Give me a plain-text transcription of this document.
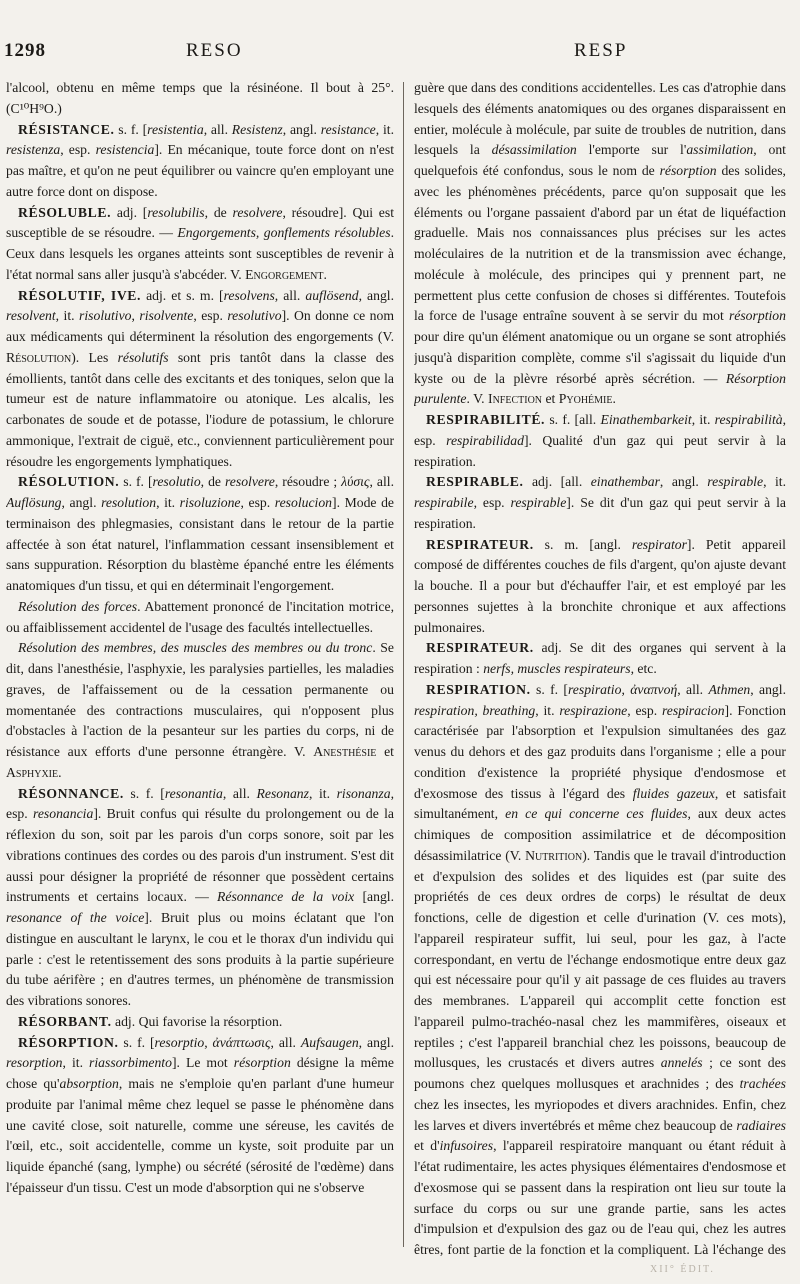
1298	RESO	RESP

l'alcool, obtenu en même temps que la résinéone. Il bout à 25°. (C¹⁰H⁹O.)

RÉSISTANCE. s. f. [resistentia, all. Resistenz, angl. resistance, it. resistenza, esp. resistencia]. En mécanique, toute force dont on n'est pas maître, et qu'on ne peut équilibrer ou vaincre qu'en employant une autre force dont on dispose.

RÉSOLUBLE. adj. [resolubilis, de resolvere, résoudre]. Qui est susceptible de se résoudre. — Engorgements, gonflements résolubles. Ceux dans lesquels les organes atteints sont susceptibles de revenir à l'état normal sans aller jusqu'à s'abcéder. V. Engorgement.

RÉSOLUTIF, IVE. adj. et s. m. [resolvens, all. auflösend, angl. resolvent, it. risolutivo, risolvente, esp. resolutivo]. On donne ce nom aux médicaments qui déterminent la résolution des engorgements (V. Résolution). Les résolutifs sont pris tantôt dans la classe des émollients, tantôt dans celle des excitants et des toniques, selon que la tumeur est de nature inflammatoire ou atonique. Les alcalis, les carbonates de soude et de potasse, l'iodure de potassium, le chlorure ammonique, l'extrait de ciguë, etc., conviennent particulièrement pour résoudre les engorgements lymphatiques.

RÉSOLUTION. s. f. [resolutio, de resolvere, résoudre ; λύσις, all. Auflösung, angl. resolution, it. risoluzione, esp. resolucion]. Mode de terminaison des phlegmasies, consistant dans le retour de la partie affectée à son état naturel, l'inflammation cessant insensiblement et sans suppuration. Résorption du blastème épanché entre les éléments anatomiques d'un tissu, et qui en déterminait l'engorgement.

Résolution des forces. Abattement prononcé de l'incitation motrice, ou affaiblissement accidentel de l'usage des facultés intellectuelles.

Résolution des membres, des muscles des membres ou du tronc. Se dit, dans l'anesthésie, l'asphyxie, les paralysies partielles, les maladies graves, de l'affaissement ou de la cessation permanente ou momentanée des contractions musculaires, qui n'opposent plus d'obstacles à l'action de la pesanteur sur les parties du corps, ni de résistance aux efforts d'une personne étrangère. V. Anesthésie et Asphyxie.

RÉSONNANCE. s. f. [resonantia, all. Resonanz, it. risonanza, esp. resonancia]. Bruit confus qui résulte du prolongement ou de la réflexion du son, soit par les parois d'un corps sonore, soit par les vibrations continues des cordes ou des parois d'un instrument. S'est dit aussi pour désigner la propriété de résonner que possèdent certains instruments et certains locaux. — Résonnance de la voix [angl. resonance of the voice]. Bruit plus ou moins éclatant que l'on distingue en auscultant le larynx, le cou et le thorax d'un individu qui parle : c'est le retentissement des sons produits à la partie supérieure du tube aérifère ; en d'autres termes, un phénomène de transmission des vibrations sonores.

RÉSORBANT. adj. Qui favorise la résorption.

RÉSORPTION. s. f. [resorptio, ἀνάπτωσις, all. Aufsaugen, angl. resorption, it. riassorbimento]. Le mot résorption désigne la même chose qu'absorption, mais ne s'emploie qu'en parlant d'une humeur produite par l'animal même chez lequel se passe le phénomène dans une cavité close, soit naturelle, comme une séreuse, les cavités de l'œil, etc., soit accidentelle, comme un kyste, soit produite par un liquide épanché (sang, lymphe) ou sécrété (sérosité de l'œdème) dans l'épaisseur d'un tissu. C'est un mode d'absorption qui ne s'observe

guère que dans des conditions accidentelles. Les cas d'atrophie dans lesquels des éléments anatomiques ou des organes disparaissent en entier, molécule à molécule, par suite de troubles de nutrition, dans lesquels la désassimilation l'emporte sur l'assimilation, ont quelquefois été confondus, sous le nom de résorption des solides, avec les phénomènes précédents, parce qu'on supposait que les éléments ou l'organe passaient d'abord par un état de liquéfaction graduelle. Mais nos connaissances plus précises sur les actes moléculaires de la nutrition et de la transmission avec échange, molécule à molécule, des principes qui y prennent part, ne permettent plus cette confusion de choses si différentes. Toutefois la force de l'usage entraîne souvent à se servir du mot résorption pour dire qu'un élément anatomique ou un organe se sont atrophiés jusqu'à disparition complète, comme s'il s'agissait du liquide d'un kyste ou de la plèvre résorbé après sécrétion. — Résorption purulente. V. Infection et Pyohémie.

RESPIRABILITÉ. s. f. [all. Einathembarkeit, it. respirabilità, esp. respirabilidad]. Qualité d'un gaz qui peut servir à la respiration.

RESPIRABLE. adj. [all. einathembar, angl. respirable, it. respirabile, esp. respirable]. Se dit d'un gaz qui peut servir à la respiration.

RESPIRATEUR. s. m. [angl. respirator]. Petit appareil composé de différentes couches de fils d'argent, qu'on ajuste devant la bouche. Il a pour but d'échauffer l'air, et est employé par les personnes sujettes à la bronchite chronique et aux affections pulmonaires.

RESPIRATEUR. adj. Se dit des organes qui servent à la respiration : nerfs, muscles respirateurs, etc.

RESPIRATION. s. f. [respiratio, ἀναπνοή, all. Athmen, angl. respiration, breathing, it. respirazione, esp. respiracion]. Fonction caractérisée par l'absorption et l'expulsion simultanées des gaz venus du dehors et des gaz produits dans l'organisme ; elle a pour condition d'existence la propriété physique d'endosmose et d'exosmose des tissus à l'égard des fluides gazeux, et satisfait simultanément, en ce qui concerne ces fluides, aux deux actes chimiques de composition assimilatrice et de décomposition désassimilatrice (V. Nutrition). Tandis que le travail d'introduction et d'expulsion des solides et des liquides est (par suite des propriétés de ces deux ordres de corps) le résultat de deux fonctions, celle de digestion et celle d'urination (V. ces mots), l'appareil respirateur suffit, lui seul, pour les gaz, à l'acte correspondant, en vertu de l'échange endosmotique entre deux gaz qui est nécessaire pour qu'il y ait passage de ces fluides au travers des membranes. L'appareil qui accomplit cette fonction est l'appareil pulmo-trachéo-nasal chez les mammifères, oiseaux et reptiles ; c'est l'appareil branchial chez les poissons, beaucoup de mollusques, les crustacés et divers autres annelés ; ce sont des poumons chez quelques mollusques et arachnides ; des trachées chez les insectes, les myriopodes et divers arachnides. Enfin, chez les larves et divers invertébrés et même chez beaucoup de radiaires et d'infusoires, l'appareil respiratoire manquant ou étant réduit à l'état rudimentaire, les actes physiques élémentaires d'endosmose et d'exosmose qui se passent dans la respiration ont lieu sur toute la surface du corps ou sur une grande partie, sans les actes d'impulsion et d'expulsion des gaz ou de l'eau qui, chez les autres êtres, font partie de la fonction et la compliquent. Là l'échange des

XII° ÉDIT.
